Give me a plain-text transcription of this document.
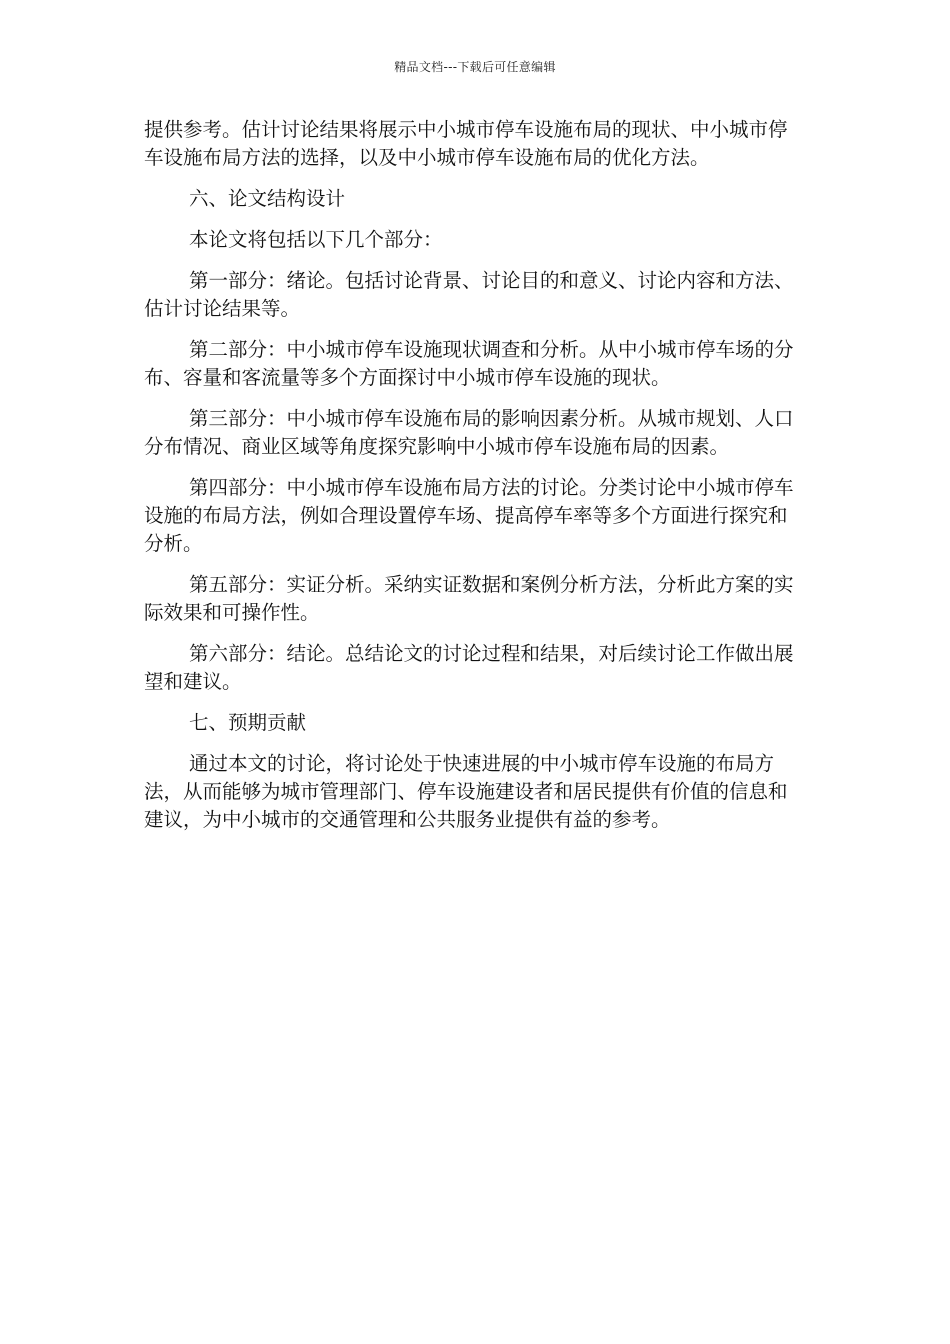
精品文档---下载后可任意编辑

提供参考。估计讨论结果将展示中小城市停车设施布局的现状、中小城市停车设施布局方法的选择，以及中小城市停车设施布局的优化方法。

六、论文结构设计

本论文将包括以下几个部分：

第一部分：绪论。包括讨论背景、讨论目的和意义、讨论内容和方法、估计讨论结果等。

第二部分：中小城市停车设施现状调查和分析。从中小城市停车场的分布、容量和客流量等多个方面探讨中小城市停车设施的现状。

第三部分：中小城市停车设施布局的影响因素分析。从城市规划、人口分布情况、商业区域等角度探究影响中小城市停车设施布局的因素。

第四部分：中小城市停车设施布局方法的讨论。分类讨论中小城市停车设施的布局方法，例如合理设置停车场、提高停车率等多个方面进行探究和分析。

第五部分：实证分析。采纳实证数据和案例分析方法，分析此方案的实际效果和可操作性。

第六部分：结论。总结论文的讨论过程和结果，对后续讨论工作做出展望和建议。

七、预期贡献

通过本文的讨论，将讨论处于快速进展的中小城市停车设施的布局方法，从而能够为城市管理部门、停车设施建设者和居民提供有价值的信息和建议，为中小城市的交通管理和公共服务业提供有益的参考。
